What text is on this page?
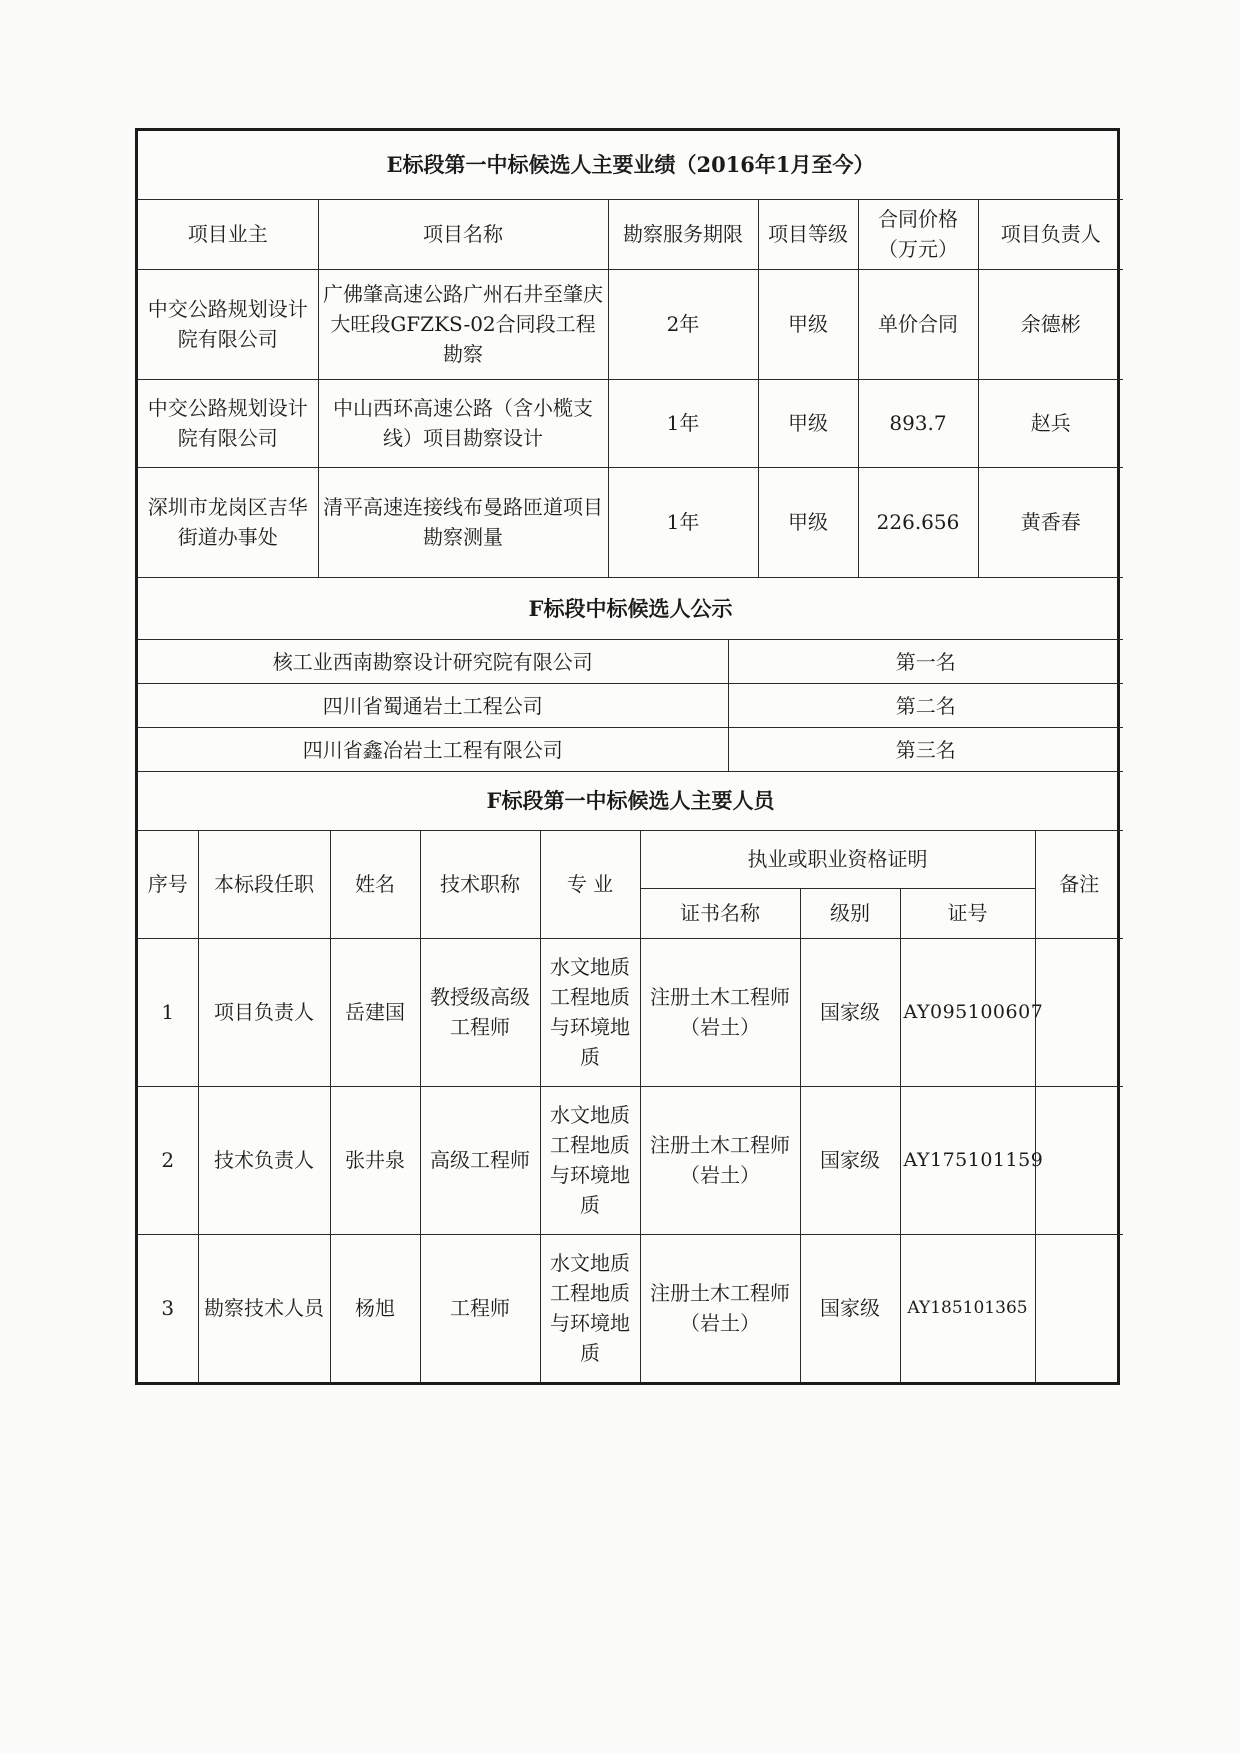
E标段第一中标候选人主要业绩（2016年1月至今）					
项目业主	项目名称	勘察服务期限	项目等级	合同价格（万元）	项目负责人
中交公路规划设计院有限公司	广佛肇高速公路广州石井至肇庆大旺段GFZKS-02合同段工程勘察	2年	甲级	单价合同	余德彬
中交公路规划设计院有限公司	中山西环高速公路（含小榄支线）项目勘察设计	1年	甲级	893.7	赵兵
深圳市龙岗区吉华街道办事处	清平高速连接线布曼路匝道项目勘察测量	1年	甲级	226.656	黄香春
F标段中标候选人公示	
核工业西南勘察设计研究院有限公司	第一名
四川省蜀通岩土工程公司	第二名
四川省鑫冶岩土工程有限公司	第三名
F标段第一中标候选人主要人员								
序号	本标段任职	姓名	技术职称	专 业	执业或职业资格证明			备注
					证书名称	级别	证号	
1	项目负责人	岳建国	教授级高级工程师	水文地质工程地质与环境地质	注册土木工程师（岩土）	国家级	AY095100607	
2	技术负责人	张井泉	高级工程师	水文地质工程地质与环境地质	注册土木工程师（岩土）	国家级	AY175101159	
3	勘察技术人员	杨旭	工程师	水文地质工程地质与环境地质	注册土木工程师（岩土）	国家级	AY185101365	
